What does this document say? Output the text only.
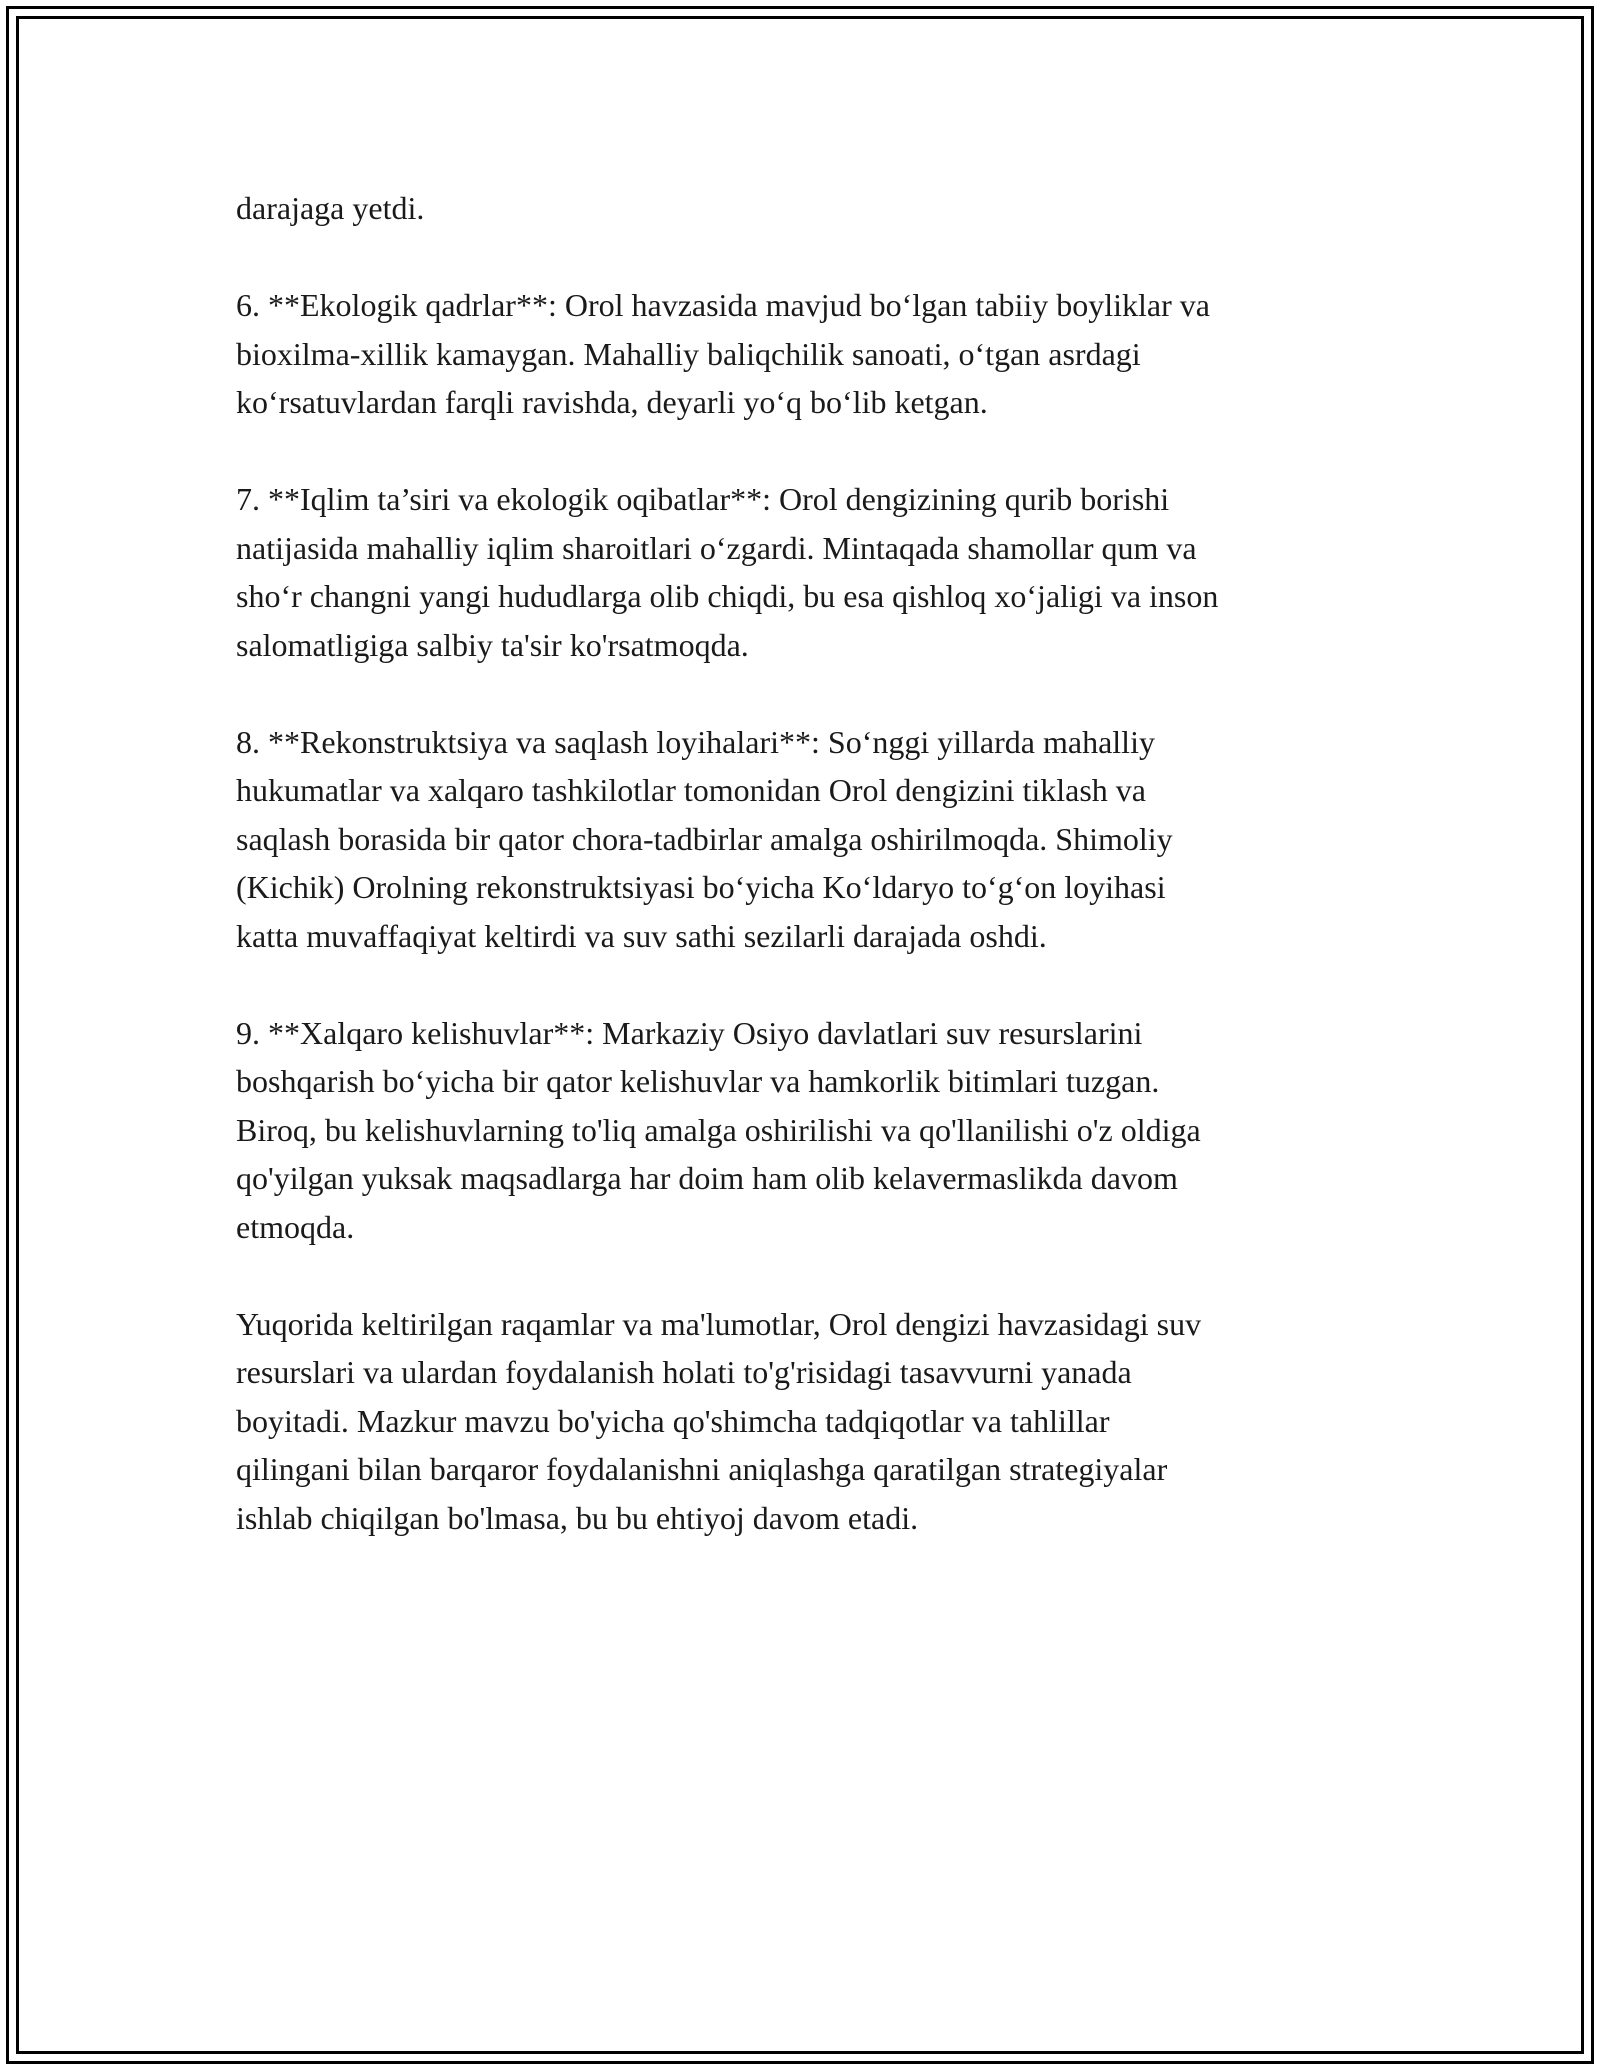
darajaga yetdi.

6. **Ekologik qadrlar**: Orol havzasida mavjud bo‘lgan tabiiy boyliklar va
bioxilma-xillik kamaygan. Mahalliy baliqchilik sanoati, o‘tgan asrdagi
ko‘rsatuvlardan farqli ravishda, deyarli yo‘q bo‘lib ketgan.

7. **Iqlim ta’siri va ekologik oqibatlar**: Orol dengizining qurib borishi
natijasida mahalliy iqlim sharoitlari o‘zgardi. Mintaqada shamollar qum va
sho‘r changni yangi hududlarga olib chiqdi, bu esa qishloq xo‘jaligi va inson
salomatligiga salbiy ta'sir ko'rsatmoqda.

8. **Rekonstruktsiya va saqlash loyihalari**: So‘nggi yillarda mahalliy
hukumatlar va xalqaro tashkilotlar tomonidan Orol dengizini tiklash va
saqlash borasida bir qator chora-tadbirlar amalga oshirilmoqda. Shimoliy
(Kichik) Orolning rekonstruktsiyasi bo‘yicha Ko‘ldaryo to‘g‘on loyihasi
katta muvaffaqiyat keltirdi va suv sathi sezilarli darajada oshdi.

9. **Xalqaro kelishuvlar**: Markaziy Osiyo davlatlari suv resurslarini
boshqarish bo‘yicha bir qator kelishuvlar va hamkorlik bitimlari tuzgan.
Biroq, bu kelishuvlarning to'liq amalga oshirilishi va qo'llanilishi o'z oldiga
qo'yilgan yuksak maqsadlarga har doim ham olib kelavermaslikda davom
etmoqda.

Yuqorida keltirilgan raqamlar va ma'lumotlar, Orol dengizi havzasidagi suv
resurslari va ulardan foydalanish holati to'g'risidagi tasavvurni yanada
boyitadi. Mazkur mavzu bo'yicha qo'shimcha tadqiqotlar va tahlillar
qilingani bilan barqaror foydalanishni aniqlashga qaratilgan strategiyalar
ishlab chiqilgan bo'lmasa, bu bu ehtiyoj davom etadi.
